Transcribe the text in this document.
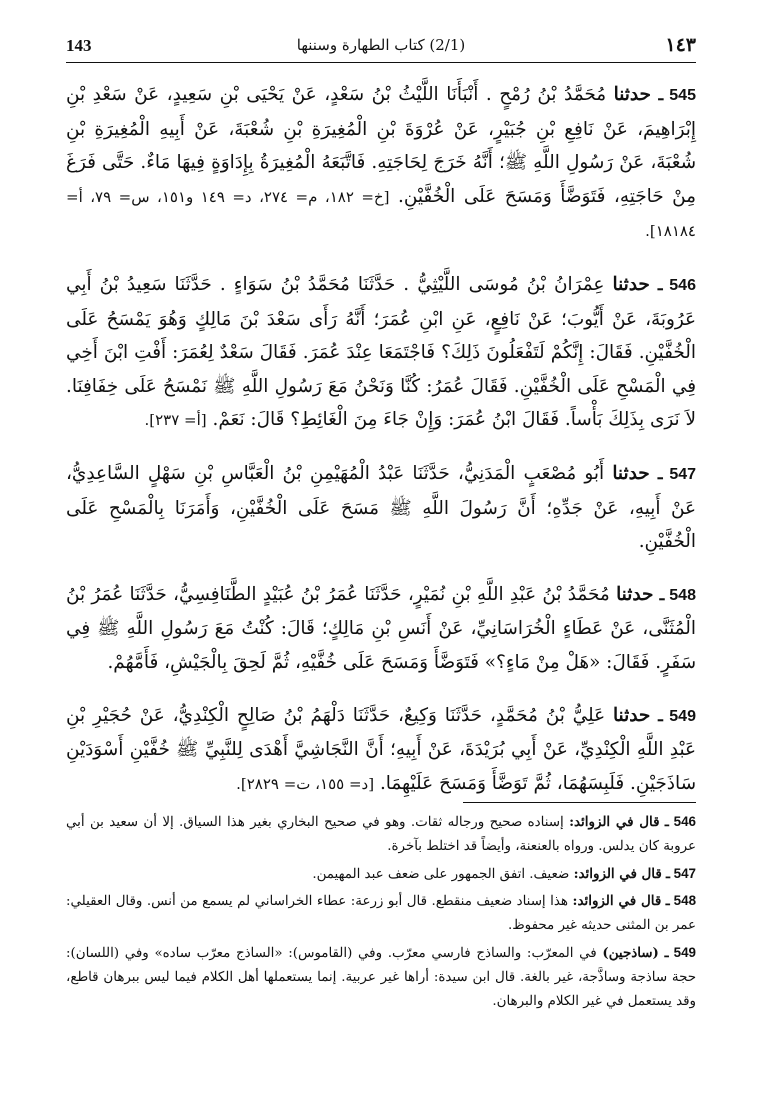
143	(2/1) كتاب الطهارة وسننها	١٤٣

545 ـ حدثنا مُحَمَّدُ بْنُ رُمْحٍ . أَنْبَأَنَا اللَّيْثُ بْنُ سَعْدٍ، عَنْ يَحْيَى بْنِ سَعِيدٍ، عَنْ سَعْدِ بْنِ إِبْرَاهِيمَ، عَنْ نَافِعِ بْنِ جُبَيْرٍ، عَنْ عُرْوَةَ بْنِ الْمُغِيرَةِ بْنِ شُعْبَةَ، عَنْ أَبِيهِ الْمُغِيرَةِ بْنِ شُعْبَةَ، عَنْ رَسُولِ اللَّهِ ﷺ؛ أَنَّهُ خَرَجَ لِحَاجَتِهِ. فَاتَّبَعَهُ الْمُغِيرَةُ بِإِدَاوَةٍ فِيهَا مَاءٌ. حَتَّى فَرَغَ مِنْ حَاجَتِهِ، فَتَوَضَّأَ وَمَسَحَ عَلَى الْخُفَّيْنِ. [خ= ١٨٢، م= ٢٧٤، د= ١٤٩ و١٥١، س= ٧٩، أ= ١٨١٨٤].

546 ـ حدثنا عِمْرَانُ بْنُ مُوسَى اللَّيْثِيُّ . حَدَّثَنَا مُحَمَّدُ بْنُ سَوَاءٍ . حَدَّثَنَا سَعِيدُ بْنُ أَبِي عَرُوبَةَ، عَنْ أَيُّوبَ؛ عَنْ نَافِعٍ، عَنِ ابْنِ عُمَرَ؛ أَنَّهُ رَأَى سَعْدَ بْنَ مَالِكٍ وَهُوَ يَمْسَحُ عَلَى الْخُفَّيْنِ. فَقَالَ: إِنَّكُمْ لَتَفْعَلُونَ ذَلِكَ؟ فَاجْتَمَعَا عِنْدَ عُمَرَ. فَقَالَ سَعْدٌ لِعُمَرَ: أَفْتِ ابْنَ أَخِي فِي الْمَسْحِ عَلَى الْخُفَّيْنِ. فَقَالَ عُمَرُ: كُنَّا وَنَحْنُ مَعَ رَسُولِ اللَّهِ ﷺ نَمْسَحُ عَلَى خِفَافِنَا. لاَ نَرَى بِذَلِكَ بَأْساً. فَقَالَ ابْنُ عُمَرَ: وَإِنْ جَاءَ مِنَ الْغَائِطِ؟ قَالَ: نَعَمْ. [أ= ٢٣٧].

547 ـ حدثنا أَبُو مُصْعَبٍ الْمَدَنِيُّ، حَدَّثَنَا عَبْدُ الْمُهَيْمِنِ بْنُ الْعَبَّاسِ بْنِ سَهْلٍ السَّاعِدِيُّ، عَنْ أَبِيهِ، عَنْ جَدِّهِ؛ أَنَّ رَسُولَ اللَّهِ ﷺ مَسَحَ عَلَى الْخُفَّيْنِ، وَأَمَرَنَا بِالْمَسْحِ عَلَى الْخُفَّيْنِ.

548 ـ حدثنا مُحَمَّدُ بْنُ عَبْدِ اللَّهِ بْنِ نُمَيْرٍ، حَدَّثَنَا عُمَرُ بْنُ عُبَيْدٍ الطَّنَافِسِيُّ، حَدَّثَنَا عُمَرُ بْنُ الْمُثَنَّى، عَنْ عَطَاءٍ الْخُرَاسَانِيِّ، عَنْ أَنَسِ بْنِ مَالِكٍ؛ قَالَ: كُنْتُ مَعَ رَسُولِ اللَّهِ ﷺ فِي سَفَرٍ. فَقَالَ: «هَلْ مِنْ مَاءٍ؟» فَتَوَضَّأَ وَمَسَحَ عَلَى خُفَّيْهِ، ثُمَّ لَحِقَ بِالْجَيْشِ، فَأَمَّهُمْ.

549 ـ حدثنا عَلِيُّ بْنُ مُحَمَّدٍ، حَدَّثَنَا وَكِيعٌ، حَدَّثَنَا دَلْهَمُ بْنُ صَالِحٍ الْكِنْدِيُّ، عَنْ حُجَيْرِ بْنِ عَبْدِ اللَّهِ الْكِنْدِيِّ، عَنْ أَبِي بُرَيْدَةَ، عَنْ أَبِيهِ؛ أَنَّ النَّجَاشِيَّ أَهْدَى لِلنَّبِيِّ ﷺ خُفَّيْنِ أَسْوَدَيْنِ سَاذَجَيْنِ. فَلَبِسَهُمَا، ثُمَّ تَوَضَّأَ وَمَسَحَ عَلَيْهِمَا. [د= ١٥٥، ت= ٢٨٢٩].

546 ـ قال في الزوائد: إسناده صحيح ورجاله ثقات. وهو في صحيح البخاري بغير هذا السياق. إلا أن سعيد بن أبي عروبة كان يدلس. ورواه بالعنعنة، وأيضاً قد اختلط بآخرة.

547 ـ قال في الزوائد: ضعيف. اتفق الجمهور على ضعف عبد المهيمن.

548 ـ قال في الزوائد: هذا إسناد ضعيف منقطع. قال أبو زرعة: عطاء الخراساني لم يسمع من أنس. وقال العقيلي: عمر بن المثنى حديثه غير محفوظ.

549 ـ (ساذجين) في المعرّب: والساذج فارسي معرّب. وفي (القاموس): «الساذج معرّب ساده» وفي (اللسان): حجة ساذجة وساذَّجة، غير بالغة. قال ابن سيدة: أراها غير عربية. إنما يستعملها أهل الكلام فيما ليس ببرهان قاطع، وقد يستعمل في غير الكلام والبرهان.
